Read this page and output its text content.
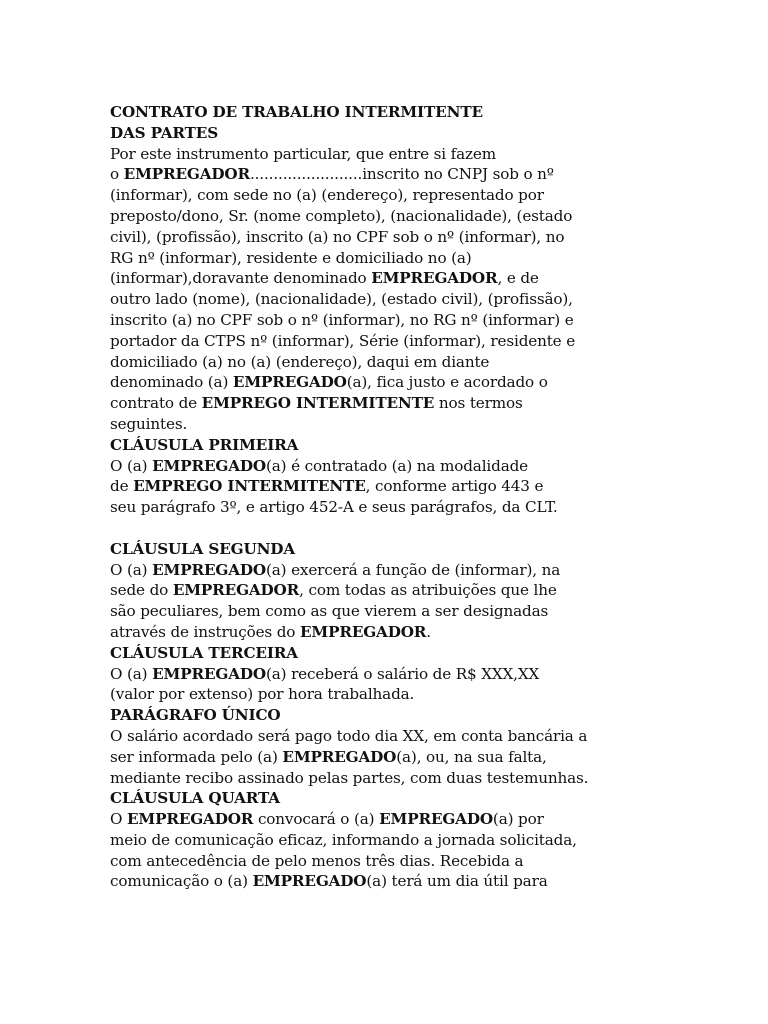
CONTRATO DE TRABALHO INTERMITENTE
DAS PARTES
Por este instrumento particular, que entre si fazem
o EMPREGADOR........................inscrito no CNPJ sob o nº
(informar), com sede no (a) (endereço), representado por
preposto/dono, Sr. (nome completo), (nacionalidade), (estado
civil), (profissão), inscrito (a) no CPF sob o nº (informar), no
RG nº (informar), residente e domiciliado no (a)
(informar),doravante denominado EMPREGADOR, e de
outro lado (nome), (nacionalidade), (estado civil), (profissão),
inscrito (a) no CPF sob o nº (informar), no RG nº (informar) e
portador da CTPS nº (informar), Série (informar), residente e
domiciliado (a) no (a) (endereço), daqui em diante
denominado (a) EMPREGADO(a), fica justo e acordado o
contrato de EMPREGO INTERMITENTE nos termos
seguintes.
CLÁUSULA PRIMEIRA
O (a) EMPREGADO(a) é contratado (a) na modalidade
de EMPREGO INTERMITENTE, conforme artigo 443 e
seu parágrafo 3º, e artigo 452-A e seus parágrafos, da CLT.
CLÁUSULA SEGUNDA
O (a) EMPREGADO(a) exercerá a função de (informar), na
sede do EMPREGADOR, com todas as atribuições que lhe
são peculiares, bem como as que vierem a ser designadas
através de instruções do EMPREGADOR.
CLÁUSULA TERCEIRA
O (a) EMPREGADO(a) receberá o salário de R$ XXX,XX
(valor por extenso) por hora trabalhada.
PARÁGRAFO ÚNICO
O salário acordado será pago todo dia XX, em conta bancária a
ser informada pelo (a) EMPREGADO(a), ou, na sua falta,
mediante recibo assinado pelas partes, com duas testemunhas.
CLÁUSULA QUARTA
O EMPREGADOR convocará o (a) EMPREGADO(a) por
meio de comunicação eficaz, informando a jornada solicitada,
com antecedência de pelo menos três dias. Recebida a
comunicação o (a) EMPREGADO(a) terá um dia útil para
